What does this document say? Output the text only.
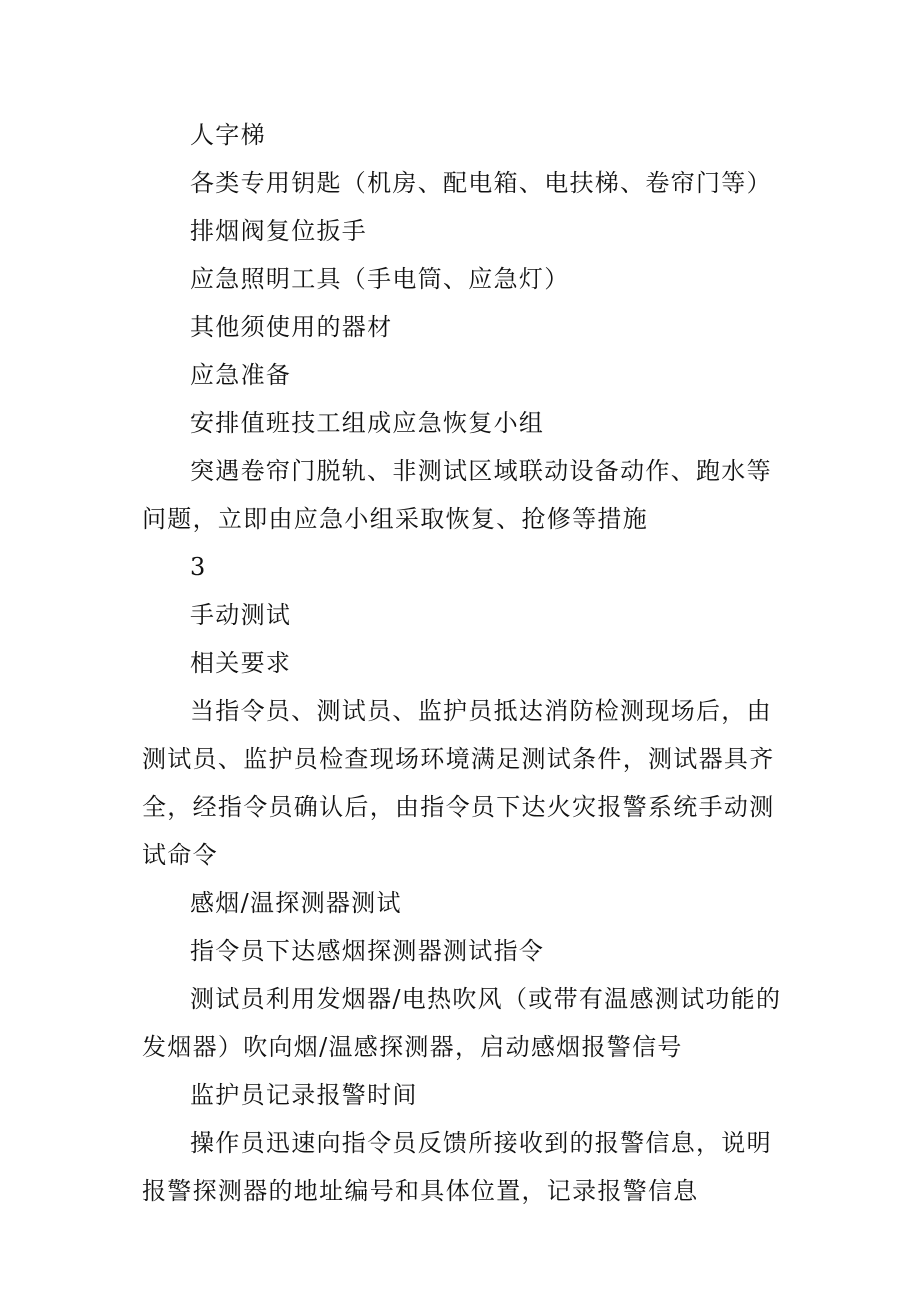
人字梯

各类专用钥匙（机房、配电箱、电扶梯、卷帘门等）

排烟阀复位扳手

应急照明工具（手电筒、应急灯）

其他须使用的器材

应急准备

安排值班技工组成应急恢复小组

突遇卷帘门脱轨、非测试区域联动设备动作、跑水等问题，立即由应急小组采取恢复、抢修等措施

3

手动测试

相关要求

当指令员、测试员、监护员抵达消防检测现场后，由测试员、监护员检查现场环境满足测试条件，测试器具齐全，经指令员确认后，由指令员下达火灾报警系统手动测试命令

感烟/温探测器测试

指令员下达感烟探测器测试指令

测试员利用发烟器/电热吹风（或带有温感测试功能的发烟器）吹向烟/温感探测器，启动感烟报警信号

监护员记录报警时间

操作员迅速向指令员反馈所接收到的报警信息，说明报警探测器的地址编号和具体位置，记录报警信息
